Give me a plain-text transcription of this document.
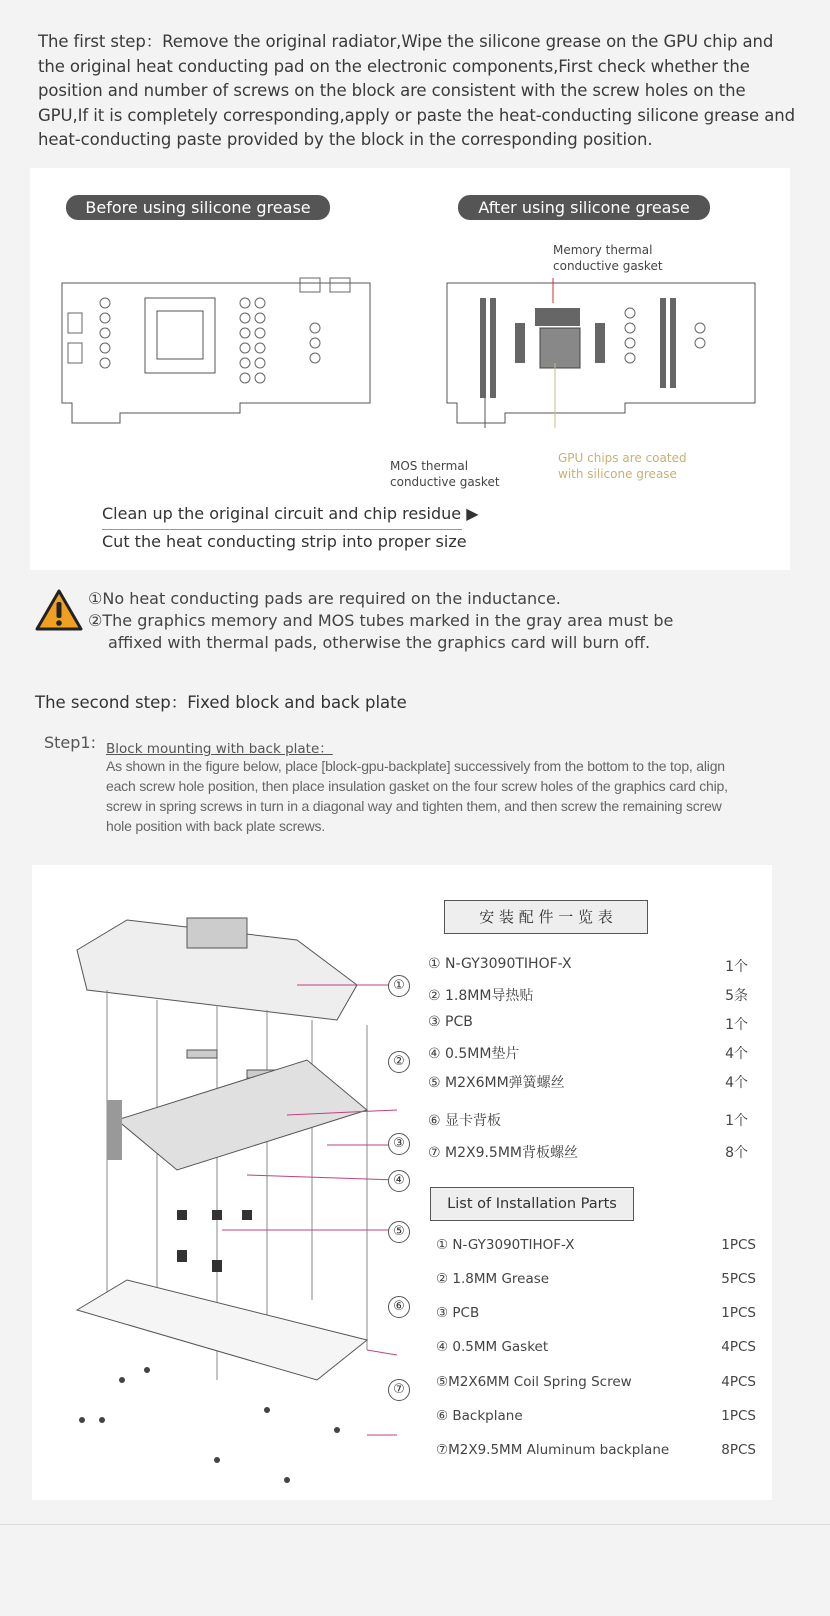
The first step：Remove the original radiator,Wipe the silicone grease on the GPU chip and the original heat conducting pad on the electronic components,First check whether the position and number of screws on the block are consistent with the screw holes on the GPU,If it is completely corresponding,apply or paste the heat-conducting silicone grease and heat-conducting paste provided by the block in the corresponding position.

Before using silicone grease	After using silicone grease
Memory thermal conductive gasket
MOS thermal conductive gasket
GPU chips are coated with silicone grease
Clean up the original circuit and chip residue ▶
Cut the heat conducting strip into proper size
①No heat conducting pads are required on the inductance.
②The graphics memory and MOS tubes marked in the gray area must be
affixed with thermal pads, otherwise the graphics card will burn off.
The second step：Fixed block and back plate
Step1: Block mounting with back plate：

As shown in the figure below, place [block-gpu-backplate] successively from the bottom to the top, align each screw hole position, then place insulation gasket on the four screw holes of the graphics card chip, screw in spring screws in turn in a diagonal way and tighten them, and then screw the remaining screw hole position with back plate screws.

①
②
③
④
⑤
⑥
⑦
安 装 配 件 一 览 表
① N-GY3090TIHOF-X	1个
② 1.8MM导热贴	5条
③ PCB	1个
④ 0.5MM垫片	4个
⑤ M2X6MM弹簧螺丝	4个
⑥ 显卡背板	1个
⑦ M2X9.5MM背板螺丝	8个
List of Installation Parts
① N-GY3090TIHOF-X	1PCS
② 1.8MM Grease	5PCS
③ PCB	1PCS
④ 0.5MM Gasket	4PCS
⑤M2X6MM Coil Spring Screw	4PCS
⑥ Backplane	1PCS
⑦M2X9.5MM Aluminum backplane	8PCS
